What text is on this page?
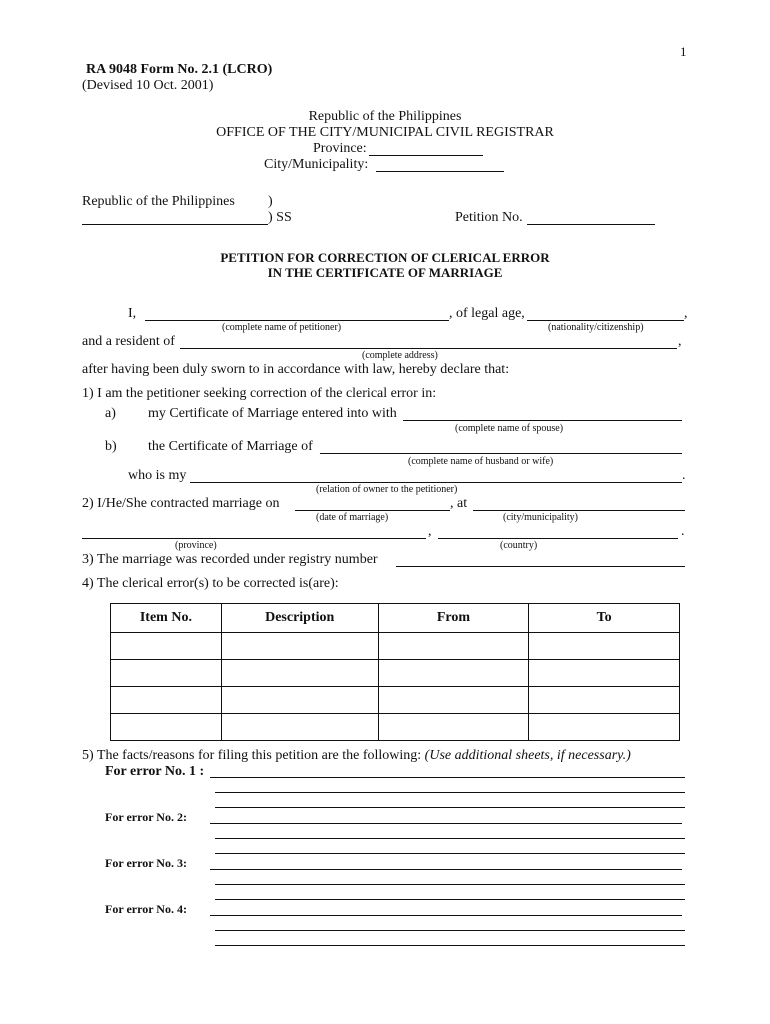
1
RA 9048 Form No. 2.1 (LCRO)
(Devised 10 Oct. 2001)
Republic of the Philippines
OFFICE OF THE CITY/MUNICIPAL CIVIL REGISTRAR
Province:
City/Municipality:
Republic of the Philippines )
) SS	Petition No.
PETITION FOR CORRECTION OF CLERICAL ERROR
IN THE CERTIFICATE OF MARRIAGE
I,	, of legal age,	,
(complete name of petitioner)	(nationality/citizenship)
and a resident of	,
(complete address)
after having been duly sworn to in accordance with law, hereby declare that:
1) I am the petitioner seeking correction of the clerical error in:
a) my Certificate of Marriage entered into with
(complete name of spouse)
b) the Certificate of Marriage of
(complete name of husband or wife)
who is my	.
(relation of owner to the petitioner)
2) I/He/She contracted marriage on	, at
(date of marriage)	(city/municipality)
,	.
(province)	(country)
3) The marriage was recorded under registry number
4) The clerical error(s) to be corrected is(are):
Item No.	Description	From	To

5) The facts/reasons for filing this petition are the following: (Use additional sheets, if necessary.)
For error No. 1 :
For error No. 2:
For error No. 3:
For error No. 4:
